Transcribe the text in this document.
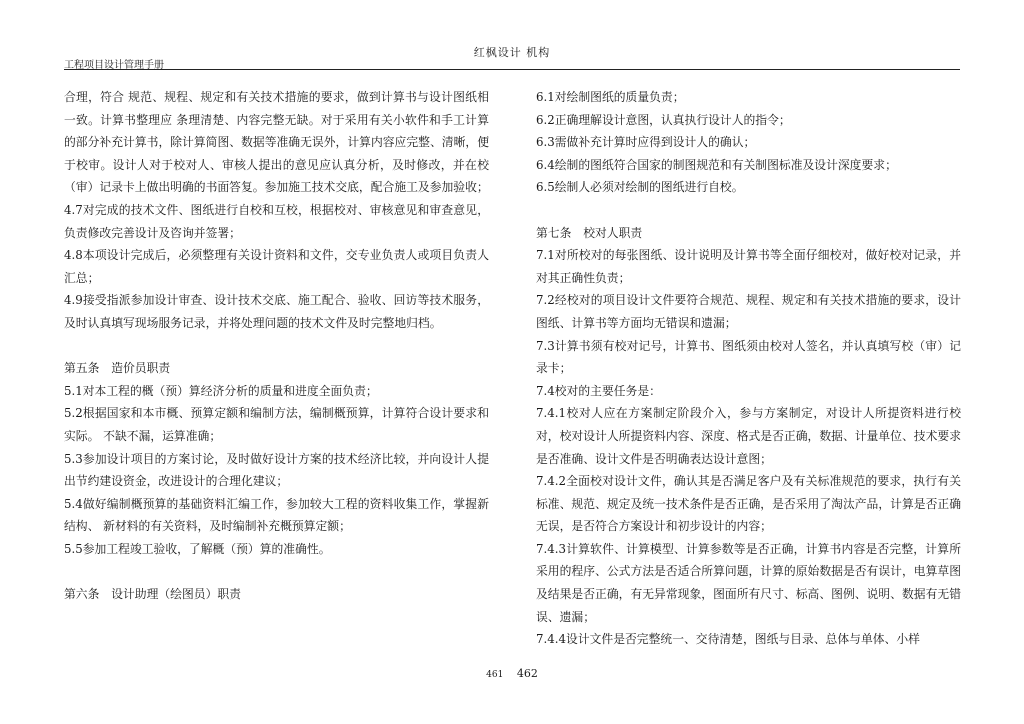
红枫设计 机构
工程项目设计管理手册

合理，符合 规范、规程、规定和有关技术措施的要求，做到计算书与设计图纸相一致。计算书整理应 条理清楚、内容完整无缺。对于采用有关小软件和手工计算的部分补充计算书，除计算简图、数据等准确无误外，计算内容应完整、清晰，便于校审。设计人对于校对人、审核人提出的意见应认真分析，及时修改，并在校（审）记录卡上做出明确的书面答复。参加施工技术交底，配合施工及参加验收；

4.7对完成的技术文件、图纸进行自校和互校，根据校对、审核意见和审查意见，负责修改完善设计及咨询并签署；

4.8本项设计完成后，必须整理有关设计资料和文件，交专业负责人或项目负责人汇总；

4.9接受指派参加设计审查、设计技术交底、施工配合、验收、回访等技术服务，及时认真填写现场服务记录，并将处理问题的技术文件及时完整地归档。

第五条　造价员职责

5.1对本工程的概（预）算经济分析的质量和进度全面负责；

5.2根据国家和本市概、预算定额和编制方法，编制概预算，计算符合设计要求和实际。 不缺不漏，运算准确；

5.3参加设计项目的方案讨论，及时做好设计方案的技术经济比较，并向设计人提出节约建设资金，改进设计的合理化建议；

5.4做好编制概预算的基础资料汇编工作，参加较大工程的资料收集工作，掌握新结构、 新材料的有关资料，及时编制补充概预算定额；

5.5参加工程竣工验收，了解概（预）算的准确性。

第六条　设计助理（绘图员）职责

6.1对绘制图纸的质量负责；

6.2正确理解设计意图，认真执行设计人的指令；

6.3需做补充计算时应得到设计人的确认；

6.4绘制的图纸符合国家的制图规范和有关制图标准及设计深度要求；

6.5绘制人必须对绘制的图纸进行自校。

第七条　校对人职责

7.1对所校对的每张图纸、设计说明及计算书等全面仔细校对，做好校对记录，并对其正确性负责；

7.2经校对的项目设计文件要符合规范、规程、规定和有关技术措施的要求，设计图纸、计算书等方面均无错误和遗漏；

7.3计算书须有校对记号，计算书、图纸须由校对人签名，并认真填写校（审）记录卡；

7.4校对的主要任务是：

7.4.1校对人应在方案制定阶段介入，参与方案制定，对设计人所提资料进行校对，校对设计人所提资料内容、深度、格式是否正确，数据、计量单位、技术要求是否准确、设计文件是否明确表达设计意图；

7.4.2全面校对设计文件，确认其是否满足客户及有关标准规范的要求，执行有关标准、规范、规定及统一技术条件是否正确，是否采用了淘汰产品，计算是否正确无误，是否符合方案设计和初步设计的内容；

7.4.3计算软件、计算模型、计算参数等是否正确，计算书内容是否完整，计算所采用的程序、公式方法是否适合所算问题，计算的原始数据是否有误计，电算草图及结果是否正确，有无异常现象，图面所有尺寸、标高、图例、说明、数据有无错误、遗漏；

7.4.4设计文件是否完整统一、交待清楚，图纸与目录、总体与单体、小样

461 462
